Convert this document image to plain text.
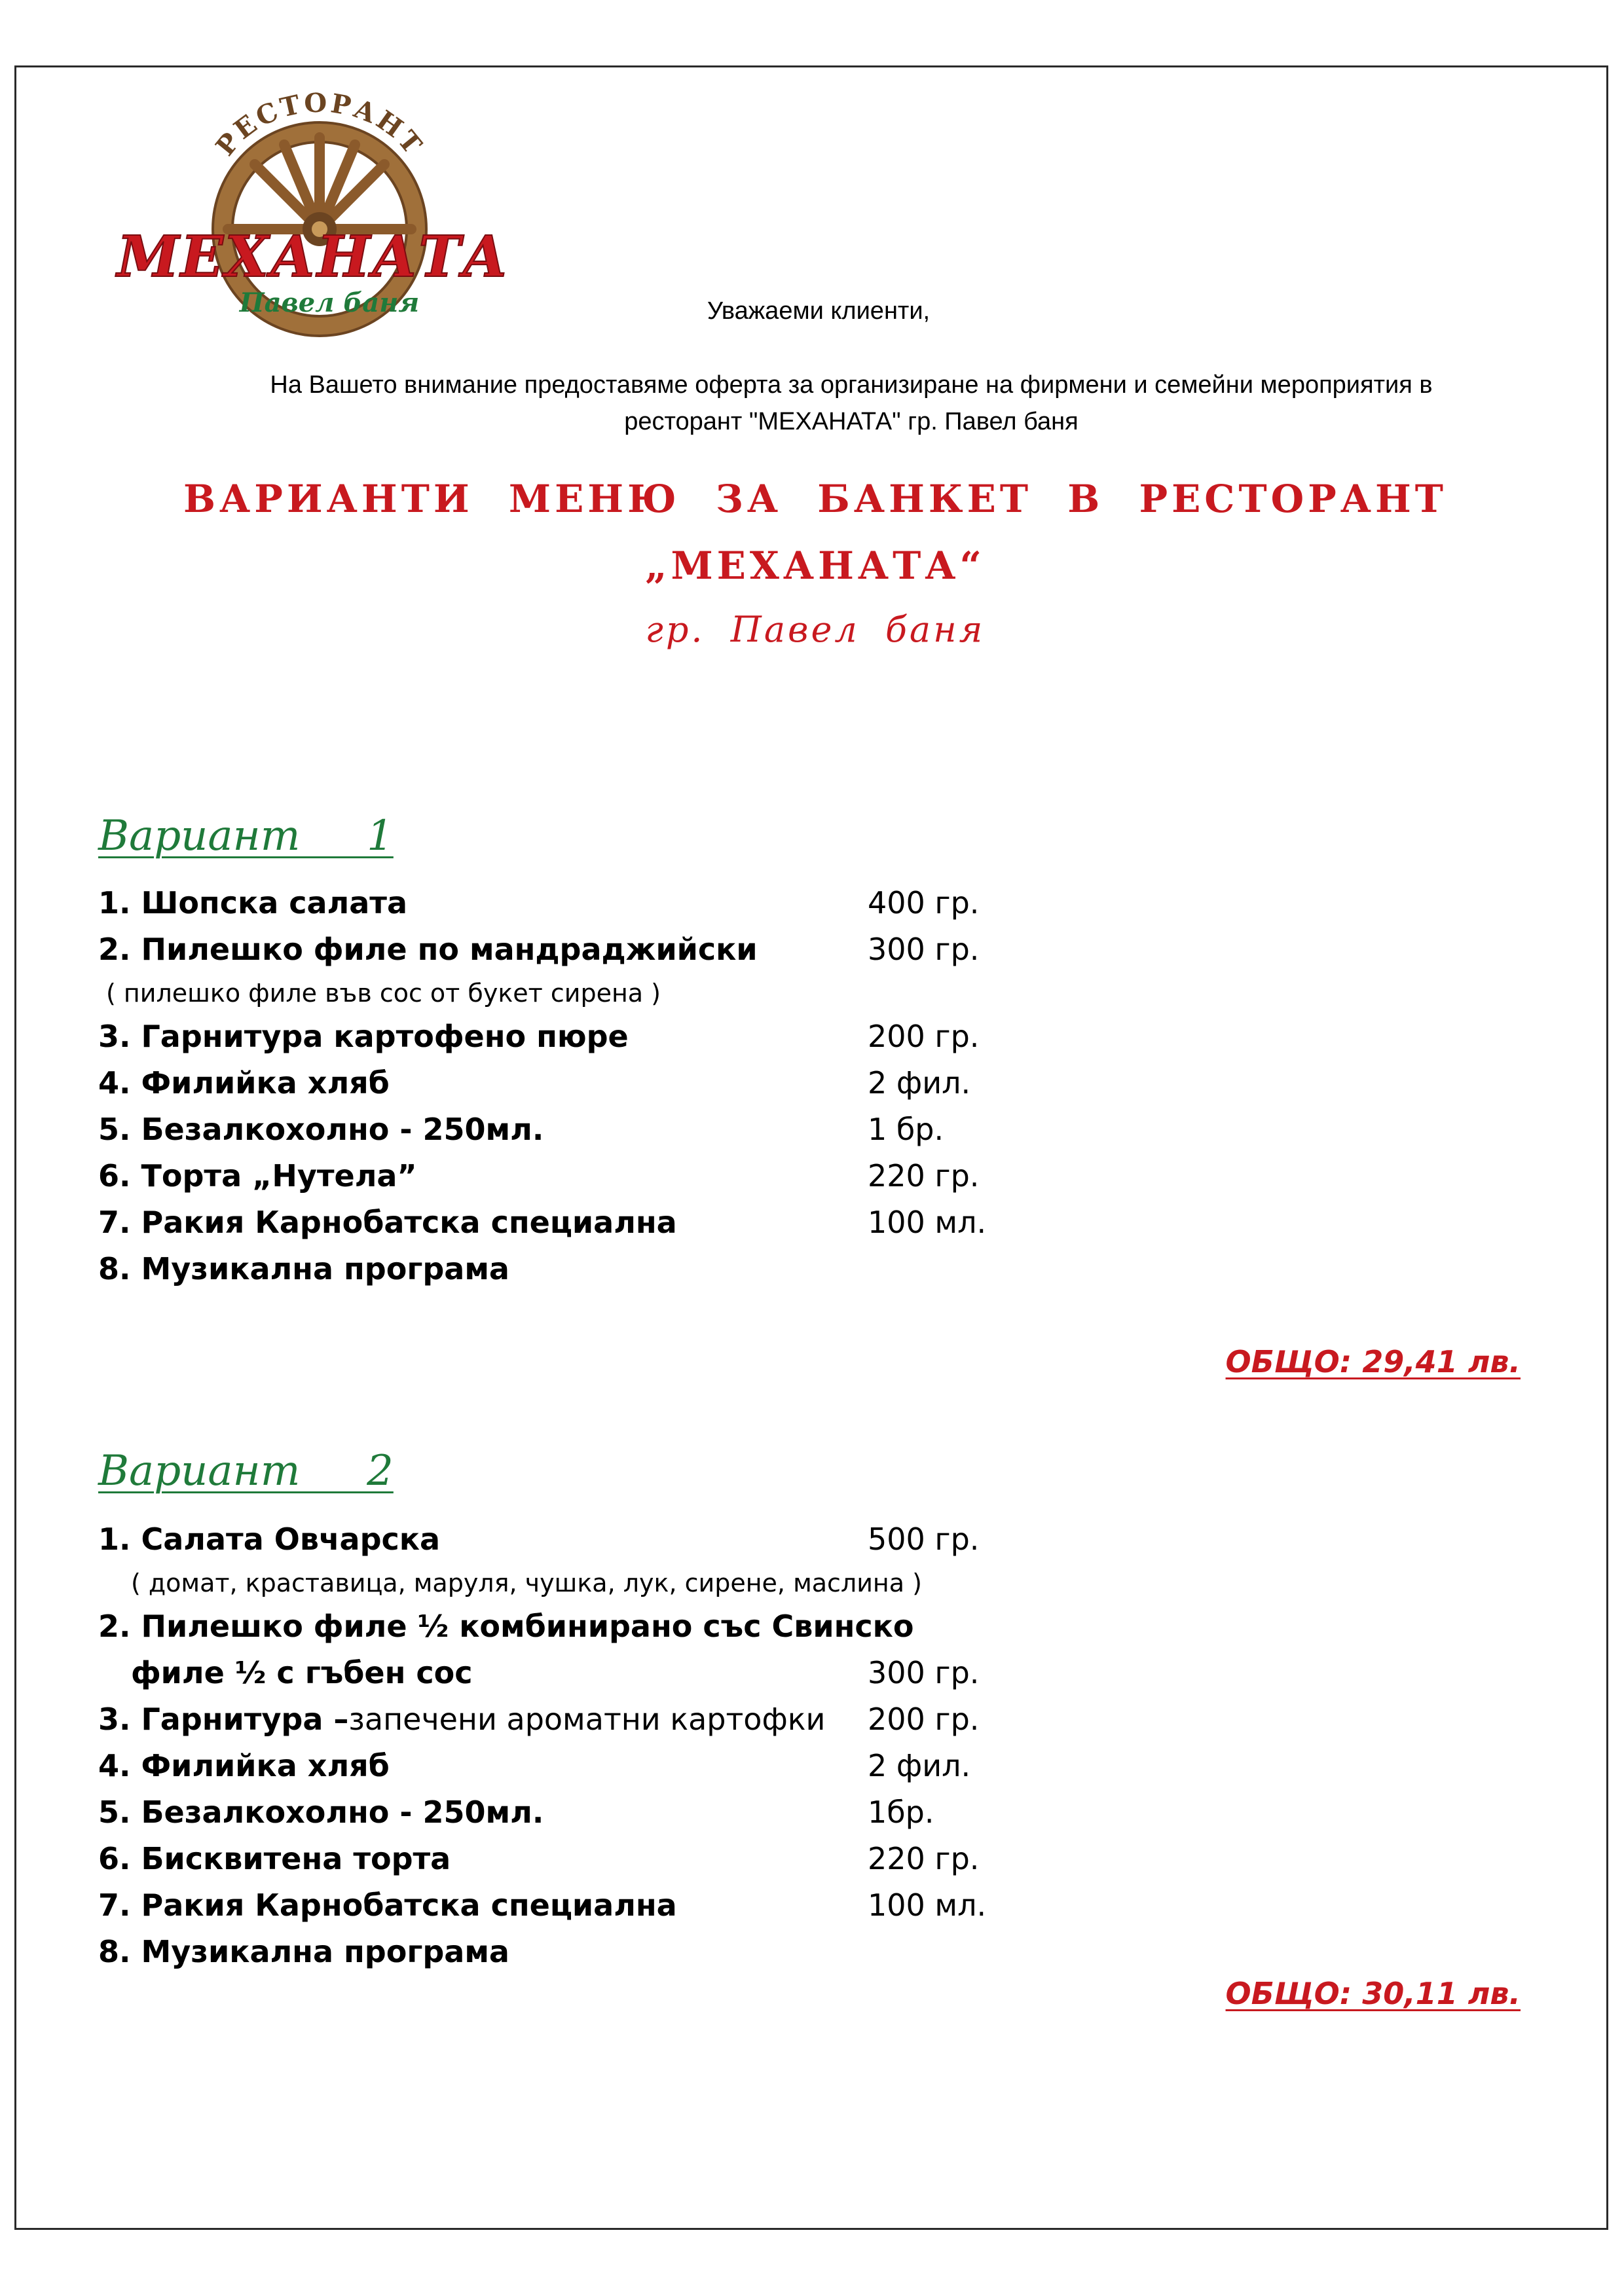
РЕСТОРАНТ
МЕХАНАТА
Павел баня	Уважаеми клиенти,
На Вашето внимание предоставяме оферта за организиране на фирмени и семейни мероприятия в
ресторант "МЕХАНАТА" гр. Павел баня
ВАРИАНТИ МЕНЮ ЗА БАНКЕТ В РЕСТОРАНТ
„МЕХАНАТА“
гр. Павел баня
Вариант     1
1. Шопска салата	400 гр.
2. Пилешко филе по мандраджийски	300 гр.
( пилешко филе във сос от букет сирена )
3. Гарнитура картофено пюре	200 гр.
4. Филийка хляб	2 фил.
5. Безалкохолно - 250мл.	1 бр.
6. Торта „Нутела”	220 гр.
7. Ракия Карнобатска специална	100 мл.
8. Музикална програма
ОБЩО: 29,41 лв.
Вариант     2
1. Салата Овчарска	500 гр.
( домат, краставица, маруля, чушка, лук, сирене, маслина )
2. Пилешко филе ½ комбинирано със Свинско
филе ½ с гъбен сос	300 гр.
3. Гарнитура –запечени ароматни картофки 200 гр.
4. Филийка хляб	2 фил.
5. Безалкохолно - 250мл.	1бр.
6. Бисквитена торта	220 гр.
7. Ракия Карнобатска специална	100 мл.
8. Музикална програма
ОБЩО: 30,11 лв.
